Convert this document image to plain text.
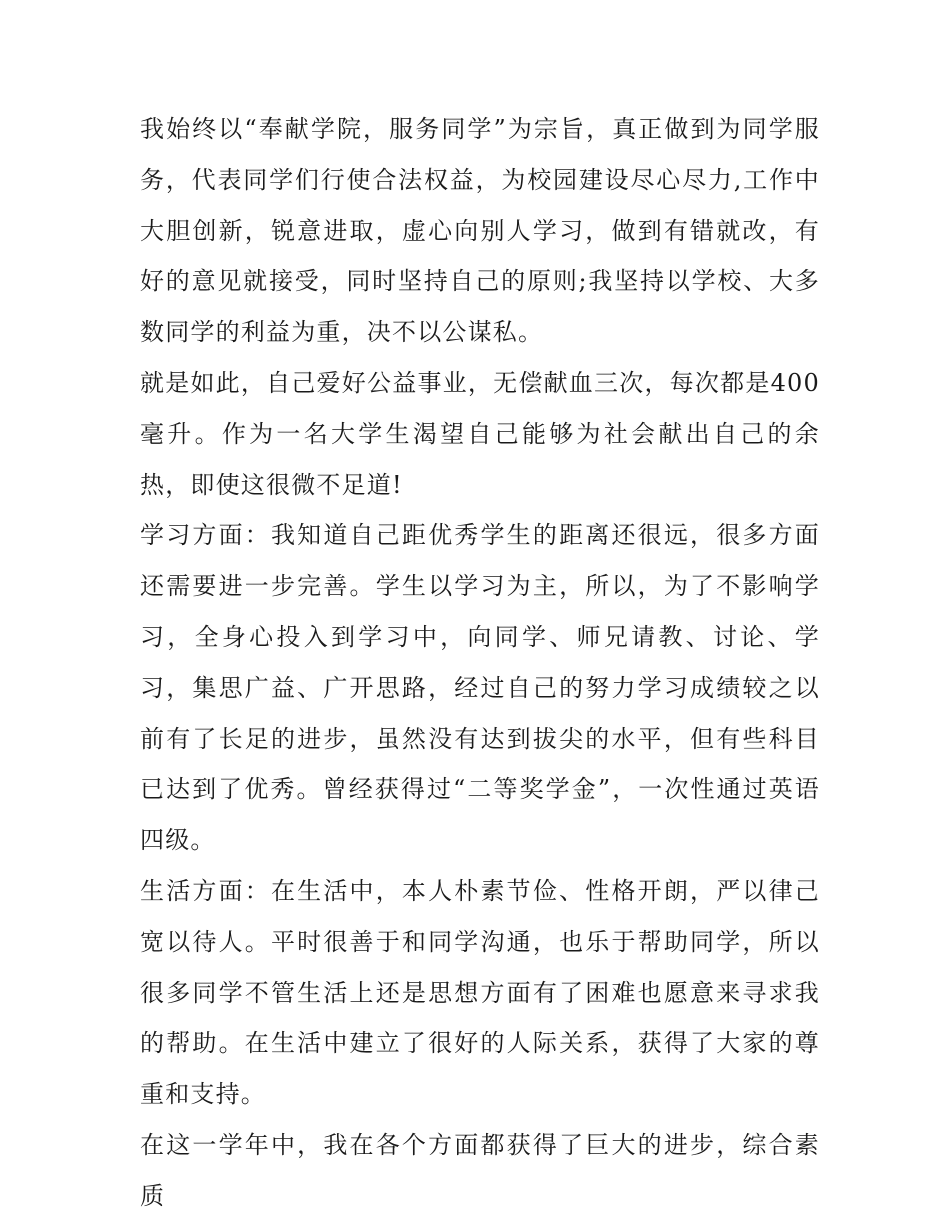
我始终以“奉献学院，服务同学”为宗旨，真正做到为同学服务，代表同学们行使合法权益，为校园建设尽心尽力,工作中大胆创新，锐意进取，虚心向别人学习，做到有错就改，有好的意见就接受，同时坚持自己的原则;我坚持以学校、大多数同学的利益为重，决不以公谋私。

就是如此，自己爱好公益事业，无偿献血三次，每次都是400毫升。作为一名大学生渴望自己能够为社会献出自己的余热，即使这很微不足道!

学习方面：我知道自己距优秀学生的距离还很远，很多方面还需要进一步完善。学生以学习为主，所以，为了不影响学习，全身心投入到学习中，向同学、师兄请教、讨论、学习，集思广益、广开思路，经过自己的努力学习成绩较之以前有了长足的进步，虽然没有达到拔尖的水平，但有些科目已达到了优秀。曾经获得过“二等奖学金”，一次性通过英语四级。

生活方面：在生活中，本人朴素节俭、性格开朗，严以律己宽以待人。平时很善于和同学沟通，也乐于帮助同学，所以很多同学不管生活上还是思想方面有了困难也愿意来寻求我的帮助。在生活中建立了很好的人际关系，获得了大家的尊重和支持。

在这一学年中，我在各个方面都获得了巨大的进步，综合素质
